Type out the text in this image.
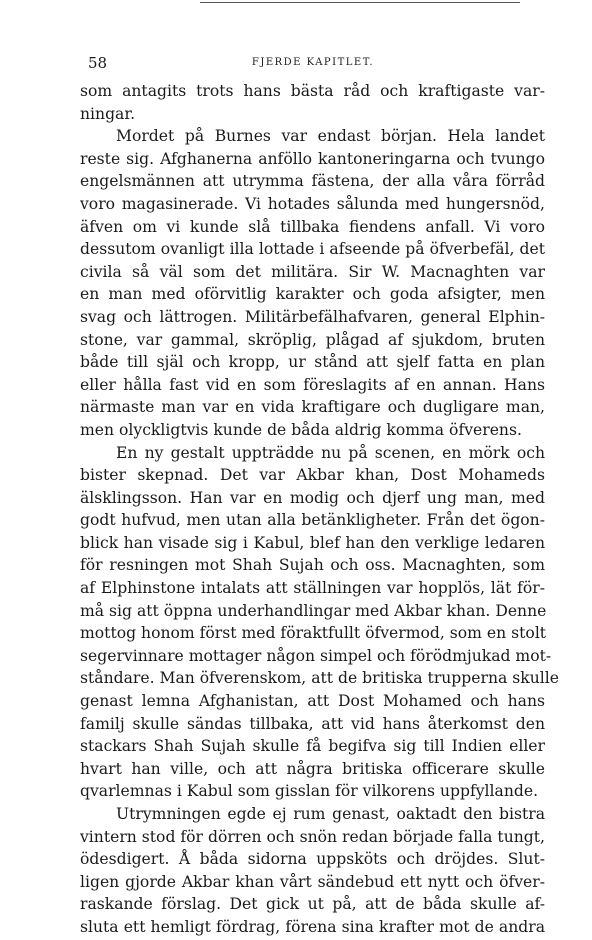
58	FJERDE KAPITLET.
som antagits trots hans bästa råd och kraftigaste var-
ningar.
Mordet på Burnes var endast början. Hela landet
reste sig. Afghanerna anföllo kantoneringarna och tvungo
engelsmännen att utrymma fästena, der alla våra förråd
voro magasinerade. Vi hotades sålunda med hungersnöd,
äfven om vi kunde slå tillbaka fiendens anfall. Vi voro
dessutom ovanligt illa lottade i afseende på öfverbefäl, det
civila så väl som det militära. Sir W. Macnaghten var
en man med oförvitlig karakter och goda afsigter, men
svag och lättrogen. Militärbefälhafvaren, general Elphin-
stone, var gammal, skröplig, plågad af sjukdom, bruten
både till själ och kropp, ur stånd att sjelf fatta en plan
eller hålla fast vid en som föreslagits af en annan. Hans
närmaste man var en vida kraftigare och dugligare man,
men olyckligtvis kunde de båda aldrig komma öfverens.
En ny gestalt uppträdde nu på scenen, en mörk och
bister skepnad. Det var Akbar khan, Dost Mohameds
älsklingsson. Han var en modig och djerf ung man, med
godt hufvud, men utan alla betänkligheter. Från det ögon-
blick han visade sig i Kabul, blef han den verklige ledaren
för resningen mot Shah Sujah och oss. Macnaghten, som
af Elphinstone intalats att ställningen var hopplös, lät för-
må sig att öppna underhandlingar med Akbar khan. Denne
mottog honom först med föraktfullt öfvermod, som en stolt
segervinnare mottager någon simpel och förödmjukad mot-
ståndare. Man öfverenskom, att de britiska trupperna skulle
genast lemna Afghanistan, att Dost Mohamed och hans
familj skulle sändas tillbaka, att vid hans återkomst den
stackars Shah Sujah skulle få begifva sig till Indien eller
hvart han ville, och att några britiska officerare skulle
qvarlemnas i Kabul som gisslan för vilkorens uppfyllande.
Utrymningen egde ej rum genast, oaktadt den bistra
vintern stod för dörren och snön redan började falla tungt,
ödesdigert. Å båda sidorna uppsköts och dröjdes. Slut-
ligen gjorde Akbar khan vårt sändebud ett nytt och öfver-
raskande förslag. Det gick ut på, att de båda skulle af-
sluta ett hemligt fördrag, förena sina krafter mot de andra
